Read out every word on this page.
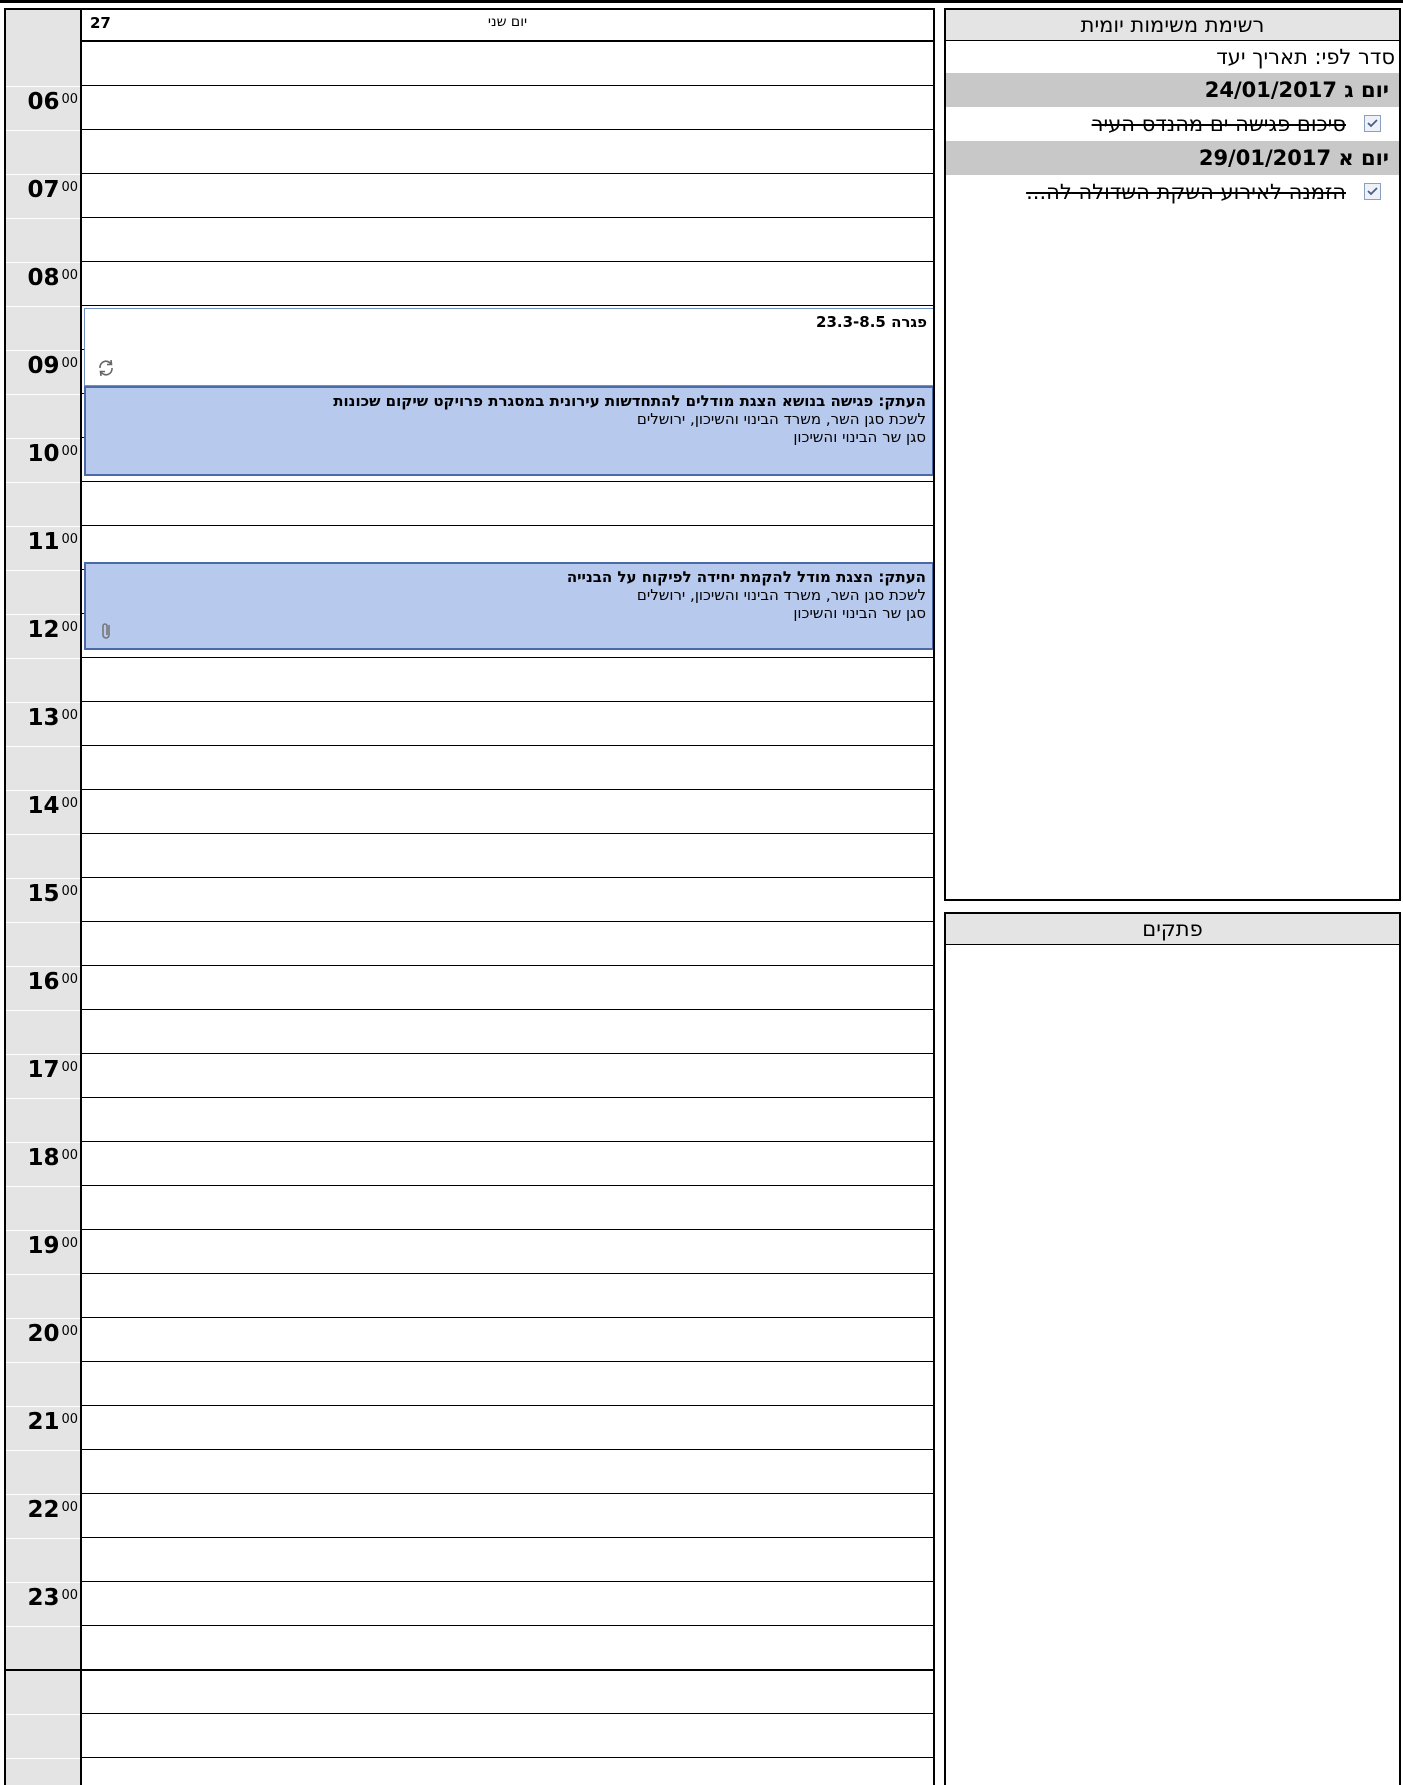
27	יום שני
פגרה 23.3-8.5
העתק: פגישה בנושא הצגת מודלים להתחדשות עירונית במסגרת פרויקט שיקום שכונות
לשכת סגן השר, משרד הבינוי והשיכון, ירושלים
סגן שר הבינוי והשיכון
העתק: הצגת מודל להקמת יחידה לפיקוח על הבנייה
לשכת סגן השר, משרד הבינוי והשיכון, ירושלים
סגן שר הבינוי והשיכון
06 $^{00}$
07 $^{00}$
08 $^{00}$
09 $^{00}$
10 $^{00}$
11 $^{00}$
12 $^{00}$
13 $^{00}$
14 $^{00}$
15 $^{00}$
16 $^{00}$
17 $^{00}$
18 $^{00}$
19 $^{00}$
20 $^{00}$
21 $^{00}$
22 $^{00}$
23 $^{00}$
רשימת משימות יומית
סדר לפי: תאריך יעד
יום ג 24/01/2017
סיכום פגישה ים מהנדס העיר
יום א 29/01/2017
הזמנה לאירוע השקת השדולה לה...
פתקים
